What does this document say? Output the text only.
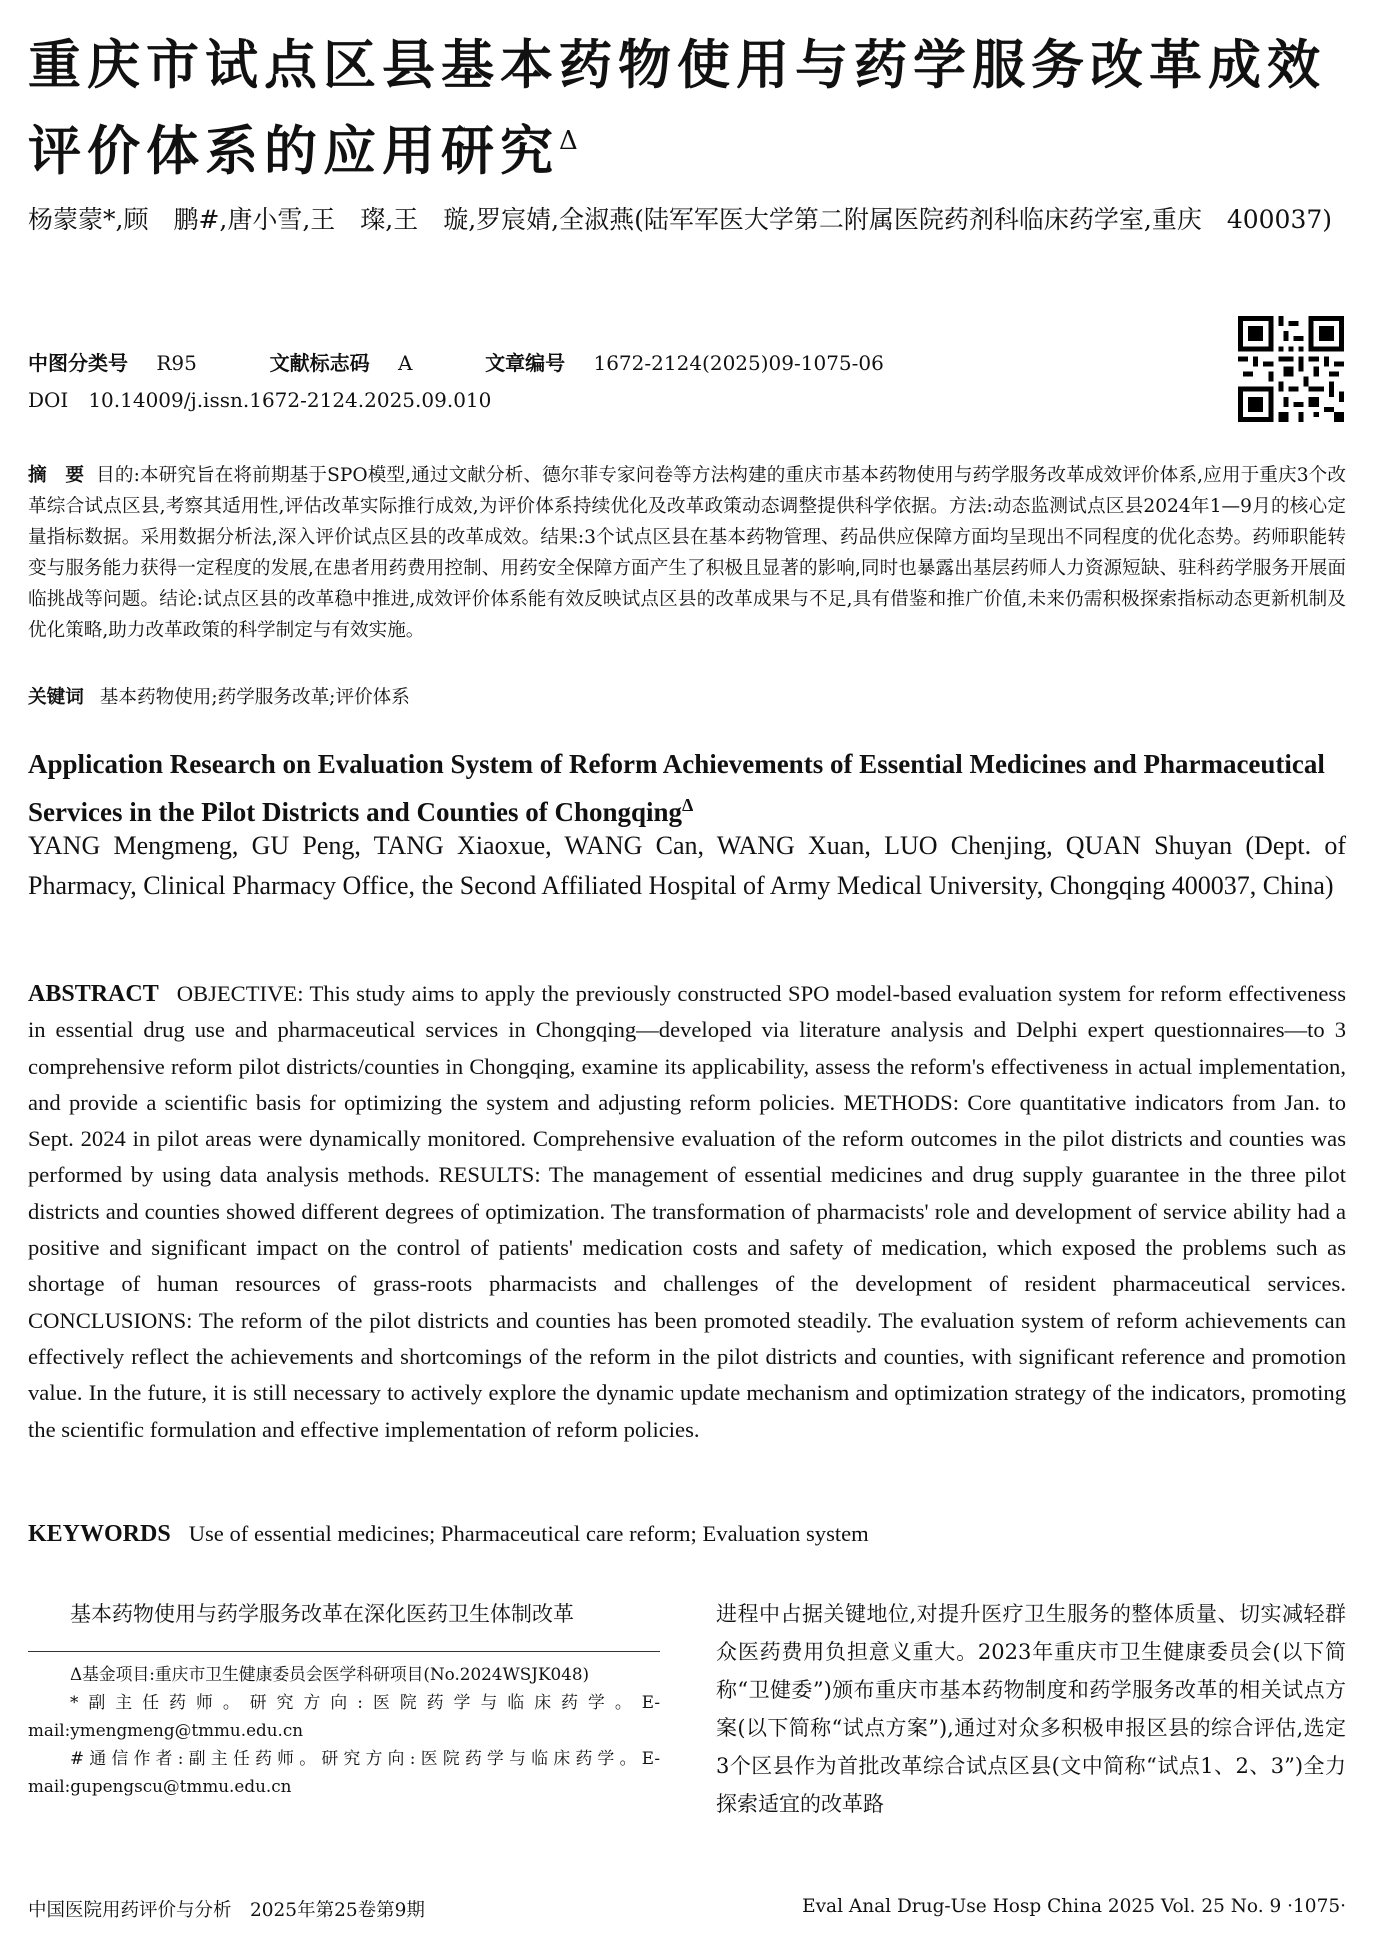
重庆市试点区县基本药物使用与药学服务改革成效评价体系的应用研究$^\Delta$
杨蒙蒙*,顾　鹏#,唐小雪,王　璨,王　璇,罗宸婧,全淑燕(陆军军医大学第二附属医院药剂科临床药学室,重庆　400037)
中图分类号 R95	文献标志码 A	文章编号 1672-2124(2025)09-1075-06
DOI　10.14009/j.issn.1672-2124.2025.09.010
摘　要 目的:本研究旨在将前期基于SPO模型,通过文献分析、德尔菲专家问卷等方法构建的重庆市基本药物使用与药学服务改革成效评价体系,应用于重庆3个改革综合试点区县,考察其适用性,评估改革实际推行成效,为评价体系持续优化及改革政策动态调整提供科学依据。方法:动态监测试点区县2024年1—9月的核心定量指标数据。采用数据分析法,深入评价试点区县的改革成效。结果:3个试点区县在基本药物管理、药品供应保障方面均呈现出不同程度的优化态势。药师职能转变与服务能力获得一定程度的发展,在患者用药费用控制、用药安全保障方面产生了积极且显著的影响,同时也暴露出基层药师人力资源短缺、驻科药学服务开展面临挑战等问题。结论:试点区县的改革稳中推进,成效评价体系能有效反映试点区县的改革成果与不足,具有借鉴和推广价值,未来仍需积极探索指标动态更新机制及优化策略,助力改革政策的科学制定与有效实施。
关键词 基本药物使用;药学服务改革;评价体系
Application Research on Evaluation System of Reform Achievements of Essential Medicines and Pharmaceutical Services in the Pilot Districts and Counties of Chongqing$^\Delta$
YANG Mengmeng, GU Peng, TANG Xiaoxue, WANG Can, WANG Xuan, LUO Chenjing, QUAN Shuyan (Dept. of Pharmacy, Clinical Pharmacy Office, the Second Affiliated Hospital of Army Medical University, Chongqing 400037, China)
ABSTRACT OBJECTIVE: This study aims to apply the previously constructed SPO model-based evaluation system for reform effectiveness in essential drug use and pharmaceutical services in Chongqing—developed via literature analysis and Delphi expert questionnaires—to 3 comprehensive reform pilot districts/counties in Chongqing, examine its applicability, assess the reform's effectiveness in actual implementation, and provide a scientific basis for optimizing the system and adjusting reform policies. METHODS: Core quantitative indicators from Jan. to Sept. 2024 in pilot areas were dynamically monitored. Comprehensive evaluation of the reform outcomes in the pilot districts and counties was performed by using data analysis methods. RESULTS: The management of essential medicines and drug supply guarantee in the three pilot districts and counties showed different degrees of optimization. The transformation of pharmacists' role and development of service ability had a positive and significant impact on the control of patients' medication costs and safety of medication, which exposed the problems such as shortage of human resources of grass-roots pharmacists and challenges of the development of resident pharmaceutical services. CONCLUSIONS: The reform of the pilot districts and counties has been promoted steadily. The evaluation system of reform achievements can effectively reflect the achievements and shortcomings of the reform in the pilot districts and counties, with significant reference and promotion value. In the future, it is still necessary to actively explore the dynamic update mechanism and optimization strategy of the indicators, promoting the scientific formulation and effective implementation of reform policies.
KEYWORDS Use of essential medicines; Pharmaceutical care reform; Evaluation system
基本药物使用与药学服务改革在深化医药卫生体制改革

Δ基金项目:重庆市卫生健康委员会医学科研项目(No.2024WSJK048)

*副主任药师。研究方向:医院药学与临床药学。E-mail:ymengmeng@tmmu.edu.cn

#通信作者:副主任药师。研究方向:医院药学与临床药学。E-mail:gupengscu@tmmu.edu.cn

进程中占据关键地位,对提升医疗卫生服务的整体质量、切实减轻群众医药费用负担意义重大。2023年重庆市卫生健康委员会(以下简称“卫健委”)颁布重庆市基本药物制度和药学服务改革的相关试点方案(以下简称“试点方案”),通过对众多积极申报区县的综合评估,选定3个区县作为首批改革综合试点区县(文中简称“试点1、2、3”)全力探索适宜的改革路
中国医院用药评价与分析　2025年第25卷第9期	Eval Anal Drug-Use Hosp China 2025 Vol. 25 No. 9 ·1075·
